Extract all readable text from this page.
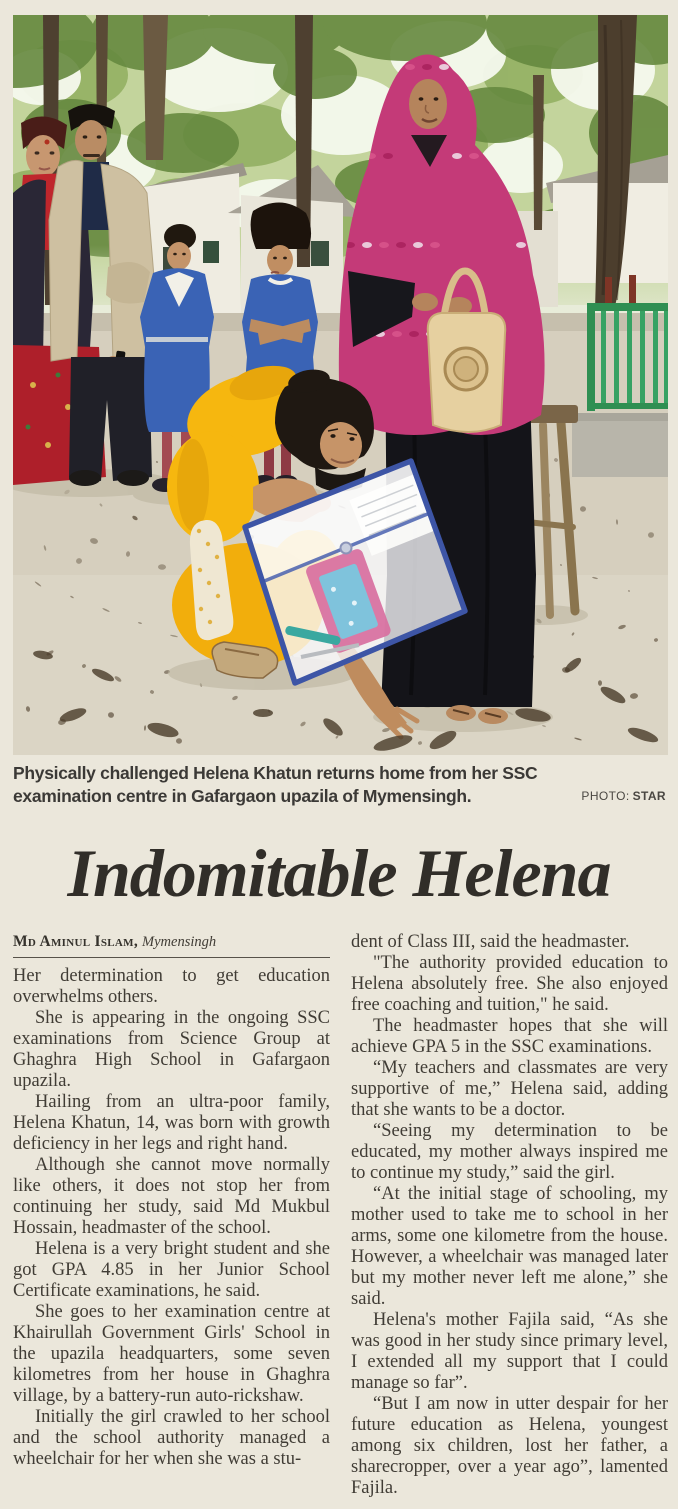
Physically challenged Helena Khatun returns home from her SSC examination centre in Gafargaon upazila of Mymensingh.	PHOTO: STAR
Indomitable Helena
Md Aminul Islam, Mymensingh

Her determination to get education overwhelms others.

She is appearing in the ongoing SSC examinations from Science Group at Ghaghra High School in Gafargaon upazila.

Hailing from an ultra-poor family, Helena Khatun, 14, was born with growth deficiency in her legs and right hand.

Although she cannot move normally like others, it does not stop her from continuing her study, said Md Mukbul Hossain, headmaster of the school.

Helena is a very bright student and she got GPA 4.85 in her Junior School Certificate examinations, he said.

She goes to her examination centre at Khairullah Government Girls' School in the upazila headquarters, some seven kilometres from her house in Ghaghra village, by a battery-run auto-rickshaw.

Initially the girl crawled to her school and the school authority managed a wheelchair for her when she was a stu-

dent of Class III, said the headmaster.

"The authority provided education to Helena absolutely free. She also enjoyed free coaching and tuition," he said.

The headmaster hopes that she will achieve GPA 5 in the SSC examinations.

“My teachers and classmates are very supportive of me,” Helena said, adding that she wants to be a doctor.

“Seeing my determination to be educated, my mother always inspired me to continue my study,” said the girl.

“At the initial stage of schooling, my mother used to take me to school in her arms, some one kilometre from the house. However, a wheelchair was managed later but my mother never left me alone,” she said.

Helena's mother Fajila said, “As she was good in her study since primary level, I extended all my support that I could manage so far”.

“But I am now in utter despair for her future education as Helena, youngest among six children, lost her father, a sharecropper, over a year ago”, lamented Fajila.
